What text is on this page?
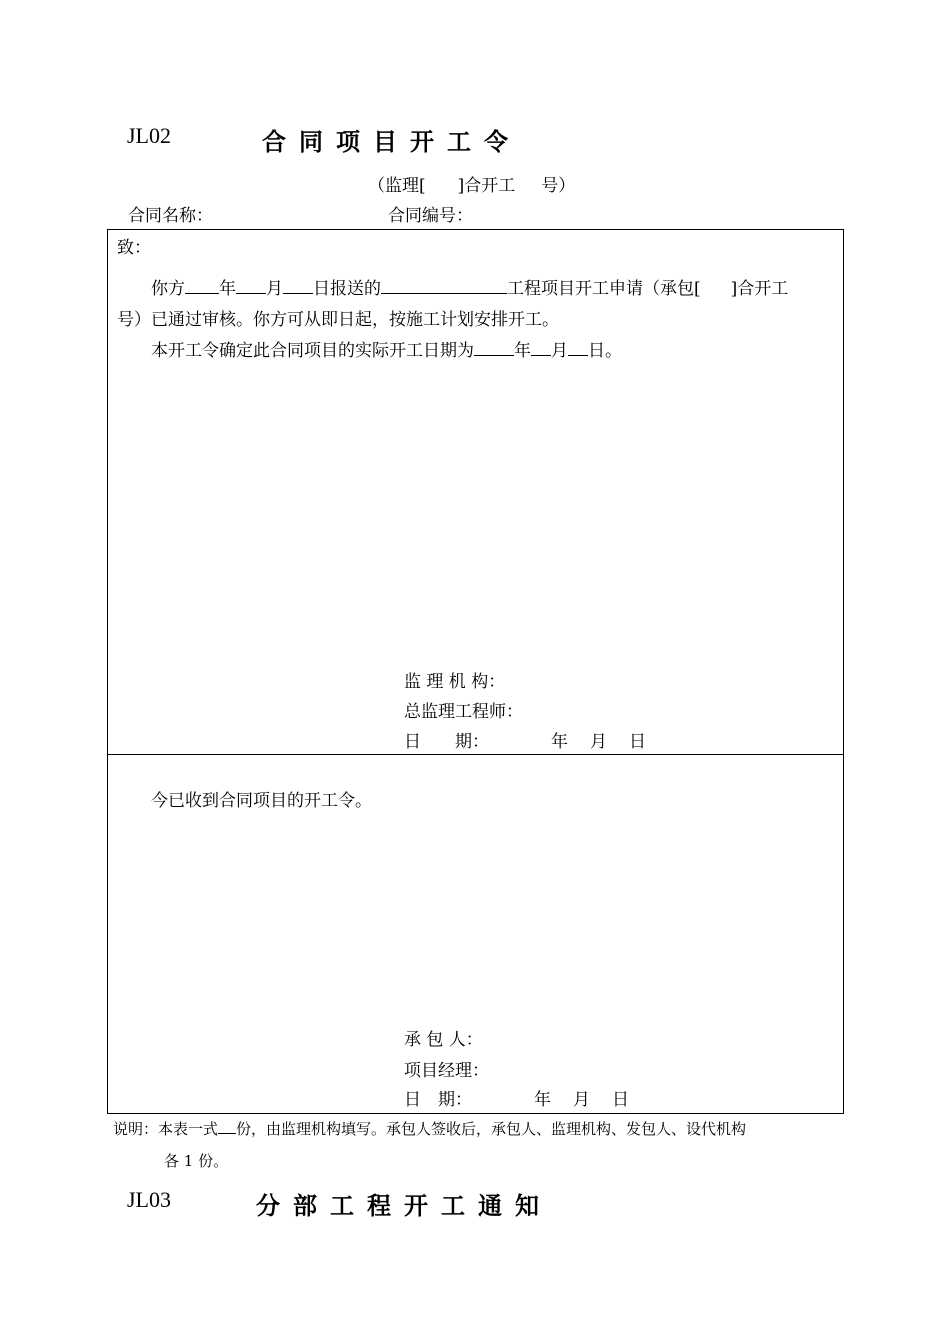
JL02	合同项目开工令
（监理[ ]合开工 号）
合同名称：	合同编号：
致：
你方 年 月 日报送的	工程项目开工申请（承包[ ]合开工
号）已通过审核。你方可从即日起，按施工计划安排开工。
本开工令确定此合同项目的实际开工日期为 年 月 日。
监 理 机 构：
总监理工程师：
日 期：	年 月 日
今已收到合同项目的开工令。
承 包 人：
项目经理：
日　期：	年 月 日
说明：本表一式 份，由监理机构填写。承包人签收后，承包人、监理机构、发包人、设代机构
各 1 份。
JL03	分部工程开工通知
